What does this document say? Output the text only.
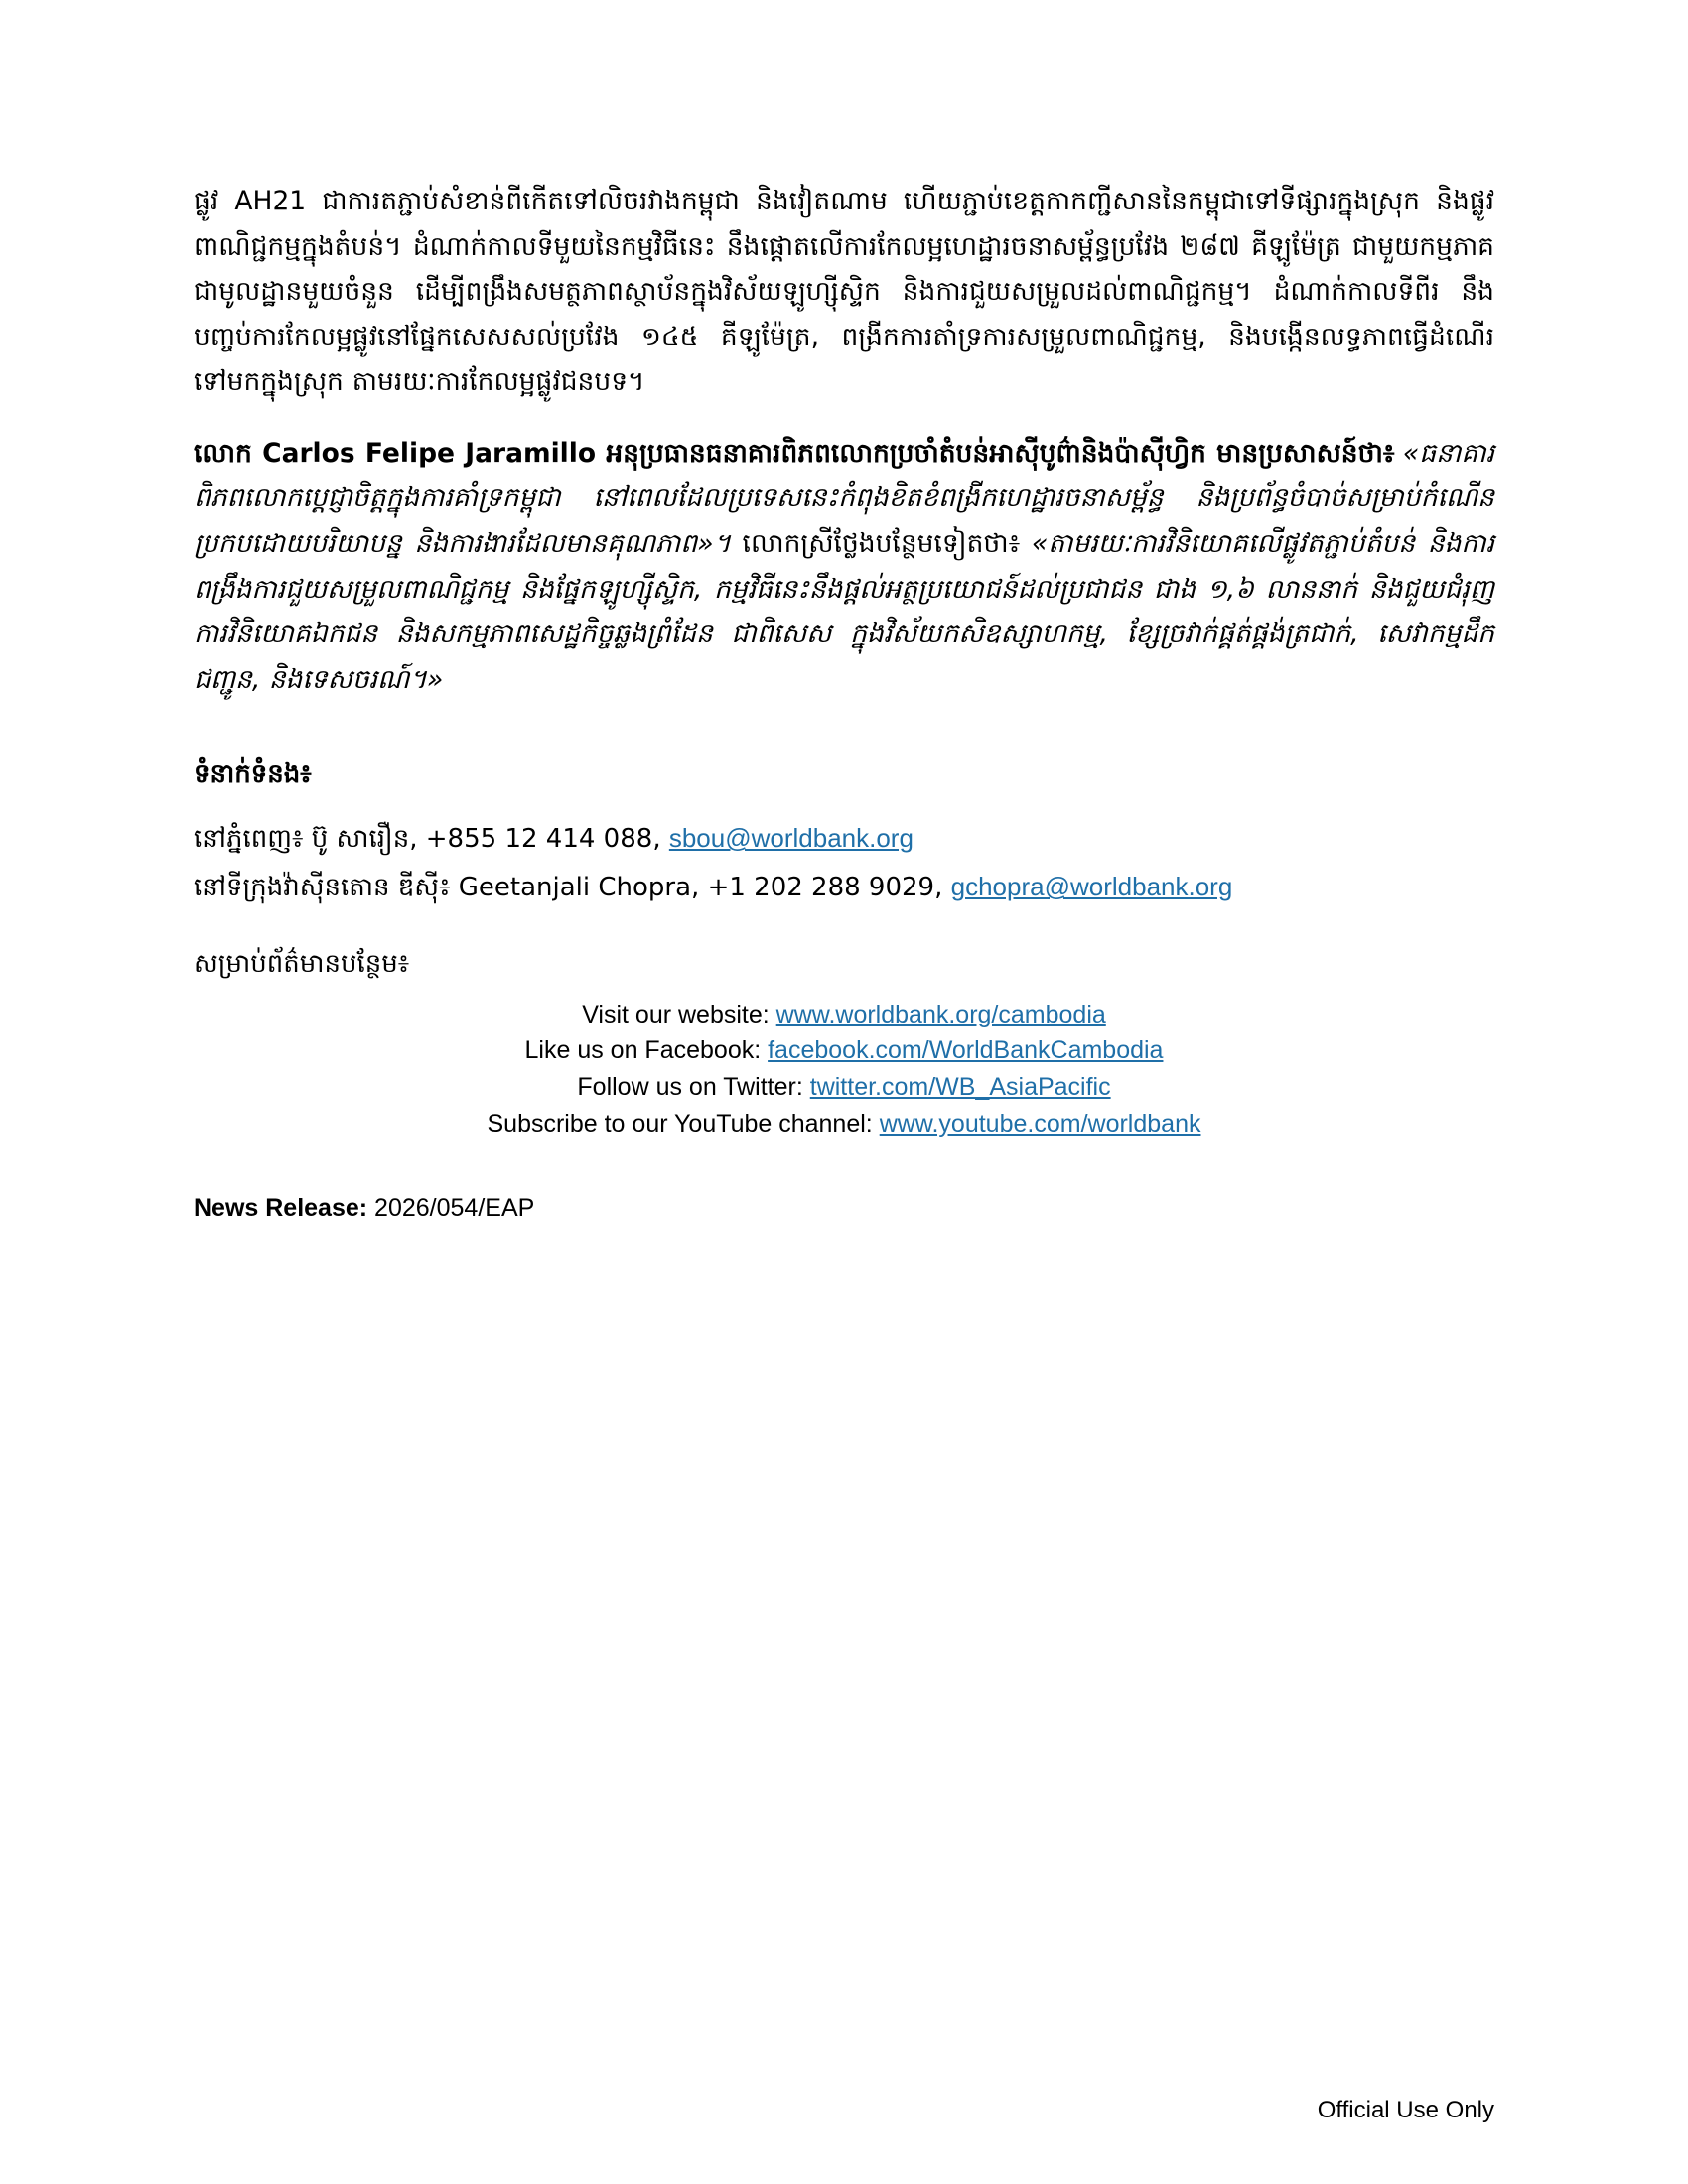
ផ្លូវ AH21 ជាការតភ្ជាប់សំខាន់ពីកើតទៅលិចរវាងកម្ពុជា និងវៀតណាម ហើយភ្ជាប់ខេត្តកាកញ្ជីសាននៃកម្ពុជាទៅទីផ្សារក្នុងស្រុក និងផ្លូវពាណិជ្ជកម្មក្នុងតំបន់។ ដំណាក់កាលទីមួយនៃកម្មវិធីនេះ នឹងផ្តោតលើការកែលម្អហេដ្ឋារចនាសម្ព័ន្ធប្រវែង ២៨៧ គីឡូម៉ែត្រ ជាមួយកម្មភាគជាមូលដ្ឋានមួយចំនួន ដើម្បីពង្រឹងសមត្ថភាពស្ថាប័នក្នុងវិស័យឡូហ្ស៊ីស្ទិក និងការជួយសម្រួលដល់ពាណិជ្ជកម្ម។ ដំណាក់កាលទីពីរ នឹងបញ្ចប់ការកែលម្អផ្លូវនៅផ្នែកសេសសល់ប្រវែង ១៤៥ គីឡូម៉ែត្រ, ពង្រីកការតាំទ្រការសម្រួលពាណិជ្ជកម្ម, និងបង្កើនលទ្ធភាពធ្វើដំណើរទៅមកក្នុងស្រុក តាមរយៈការកែលម្អផ្លូវជនបទ។

លោក Carlos Felipe Jaramillo អនុប្រធានធនាគារពិភពលោកប្រចាំតំបន់អាស៊ីបូព៌ានិងប៉ាស៊ីហ្វិក មានប្រសាសន៍ថា៖ «ធនាគារពិភពលោកប្តេជ្ញាចិត្តក្នុងការគាំទ្រកម្ពុជា នៅពេលដែលប្រទេសនេះកំពុងខិតខំពង្រីកហេដ្ឋារចនាសម្ព័ន្ធ និងប្រព័ន្ធចំបាច់សម្រាប់កំណើនប្រកបដោយបរិយាបន្ន និងការងារដែលមានគុណភាព»។ លោកស្រីថ្លែងបន្ថែមទៀតថា៖ «តាមរយៈការវិនិយោគលើផ្លូវតភ្ជាប់តំបន់ និងការពង្រឹងការជួយសម្រួលពាណិជ្ជកម្ម និងផ្នែកឡូហ្ស៊ីស្ទិក, កម្មវិធីនេះនឹងផ្តល់អត្ថប្រយោជន៍ដល់ប្រជាជន ជាង ១,៦ លាននាក់ និងជួយជំរុញការវិនិយោគឯកជន និងសកម្មភាពសេដ្ឋកិច្ចឆ្លងព្រំដែន ជាពិសេស ក្នុងវិស័យកសិឧស្សាហកម្ម, ខ្សែច្រវាក់ផ្គត់ផ្គង់ត្រជាក់, សេវាកម្មដឹកជញ្ជូន, និងទេសចរណ៍។»
ទំនាក់ទំនង៖
នៅភ្នំពេញ៖ ប៊ូ សារឿន, +855 12 414 088, sbou@worldbank.org
នៅទីក្រុងវ៉ាស៊ីនតោន ឌីស៊ី៖ Geetanjali Chopra, +1 202 288 9029, gchopra@worldbank.org
សម្រាប់ព័ត៌មានបន្ថែម៖
Visit our website: www.worldbank.org/cambodia
Like us on Facebook: facebook.com/WorldBankCambodia
Follow us on Twitter: twitter.com/WB_AsiaPacific
Subscribe to our YouTube channel: www.youtube.com/worldbank
News Release: 2026/054/EAP
Official Use Only
